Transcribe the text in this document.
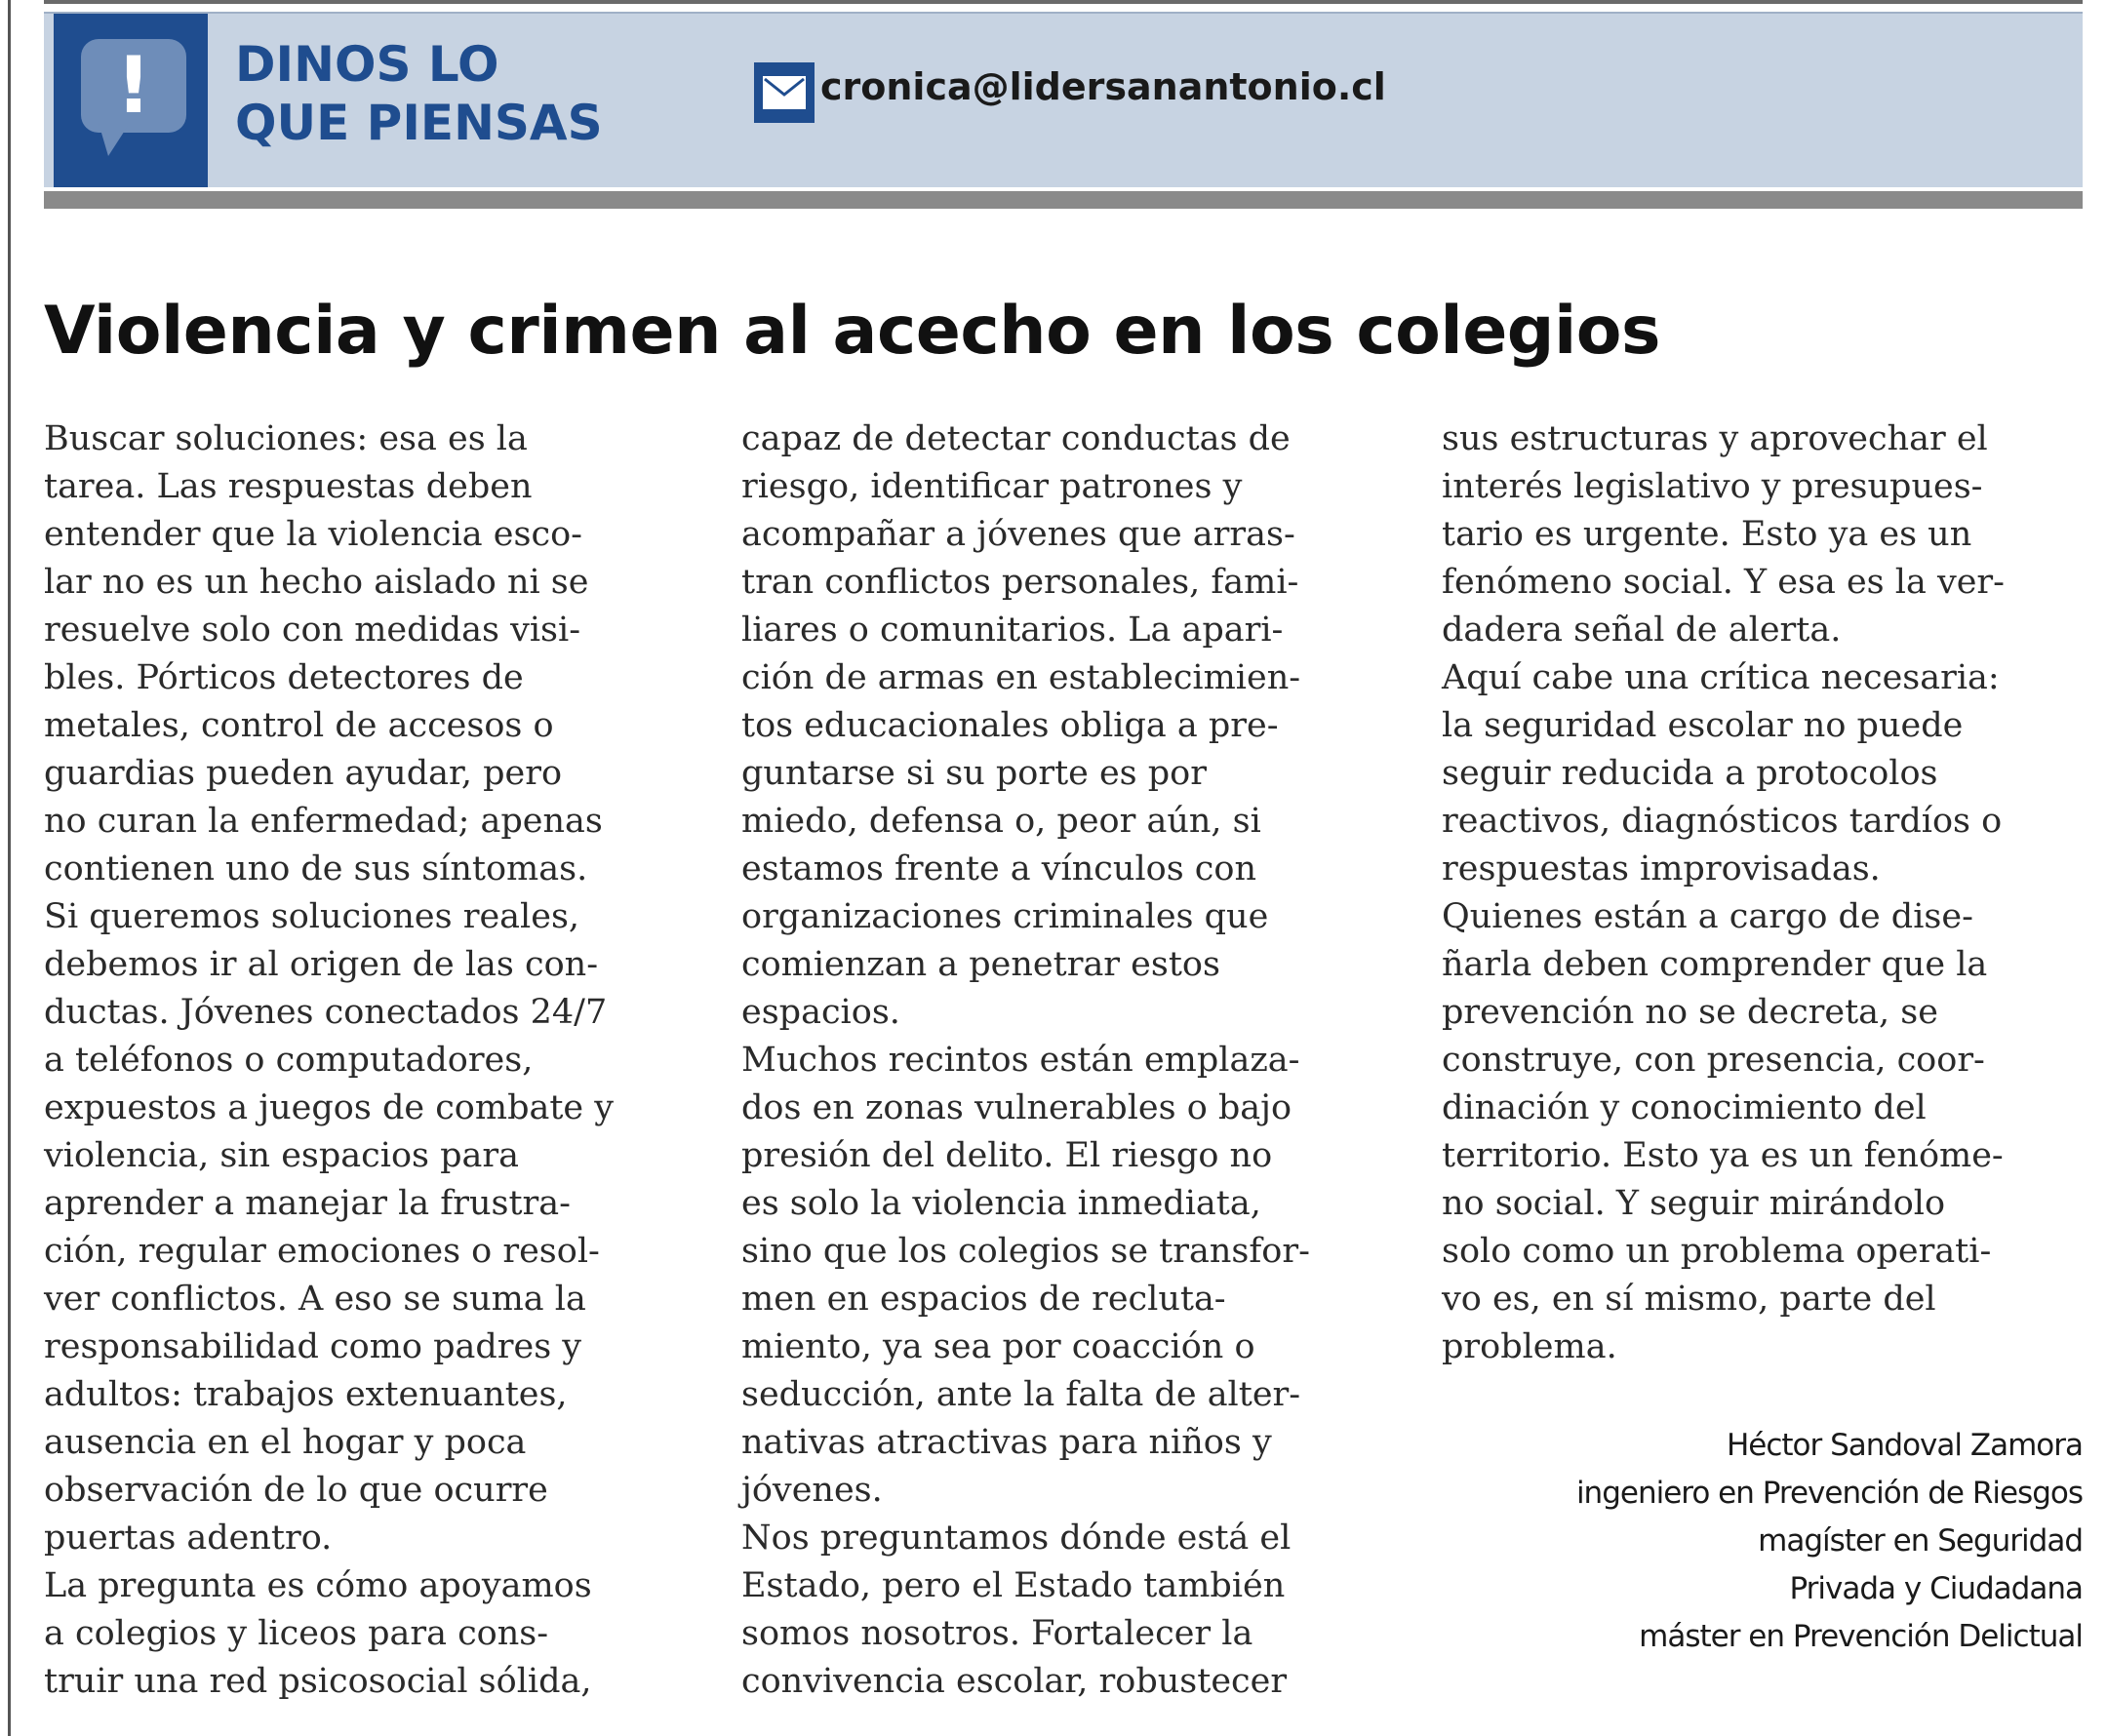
!	DINOS LO
QUE PIENSAS
cronica@lidersanantonio.cl
Violencia y crimen al acecho en los colegios

Buscar soluciones: esa es la
tarea. Las respuestas deben
entender que la violencia esco-
lar no es un hecho aislado ni se
resuelve solo con medidas visi-
bles. Pórticos detectores de
metales, control de accesos o
guardias pueden ayudar, pero
no curan la enfermedad; apenas
contienen uno de sus síntomas.

Si queremos soluciones reales,
debemos ir al origen de las con-
ductas. Jóvenes conectados 24/7
a teléfonos o computadores,
expuestos a juegos de combate y
violencia, sin espacios para
aprender a manejar la frustra-
ción, regular emociones o resol-
ver conflictos. A eso se suma la
responsabilidad como padres y
adultos: trabajos extenuantes,
ausencia en el hogar y poca
observación de lo que ocurre
puertas adentro.

La pregunta es cómo apoyamos
a colegios y liceos para cons-
truir una red psicosocial sólida,

capaz de detectar conductas de
riesgo, identificar patrones y
acompañar a jóvenes que arras-
tran conflictos personales, fami-
liares o comunitarios. La apari-
ción de armas en establecimien-
tos educacionales obliga a pre-
guntarse si su porte es por
miedo, defensa o, peor aún, si
estamos frente a vínculos con
organizaciones criminales que
comienzan a penetrar estos
espacios.

Muchos recintos están emplaza-
dos en zonas vulnerables o bajo
presión del delito. El riesgo no
es solo la violencia inmediata,
sino que los colegios se transfor-
men en espacios de recluta-
miento, ya sea por coacción o
seducción, ante la falta de alter-
nativas atractivas para niños y
jóvenes.

Nos preguntamos dónde está el
Estado, pero el Estado también
somos nosotros. Fortalecer la
convivencia escolar, robustecer

sus estructuras y aprovechar el
interés legislativo y presupues-
tario es urgente. Esto ya es un
fenómeno social. Y esa es la ver-
dadera señal de alerta.

Aquí cabe una crítica necesaria:
la seguridad escolar no puede
seguir reducida a protocolos
reactivos, diagnósticos tardíos o
respuestas improvisadas.

Quienes están a cargo de dise-
ñarla deben comprender que la
prevención no se decreta, se
construye, con presencia, coor-
dinación y conocimiento del
territorio. Esto ya es un fenóme-
no social. Y seguir mirándolo
solo como un problema operati-
vo es, en sí mismo, parte del
problema.

Héctor Sandoval Zamora
ingeniero en Prevención de Riesgos
magíster en Seguridad
Privada y Ciudadana
máster en Prevención Delictual
